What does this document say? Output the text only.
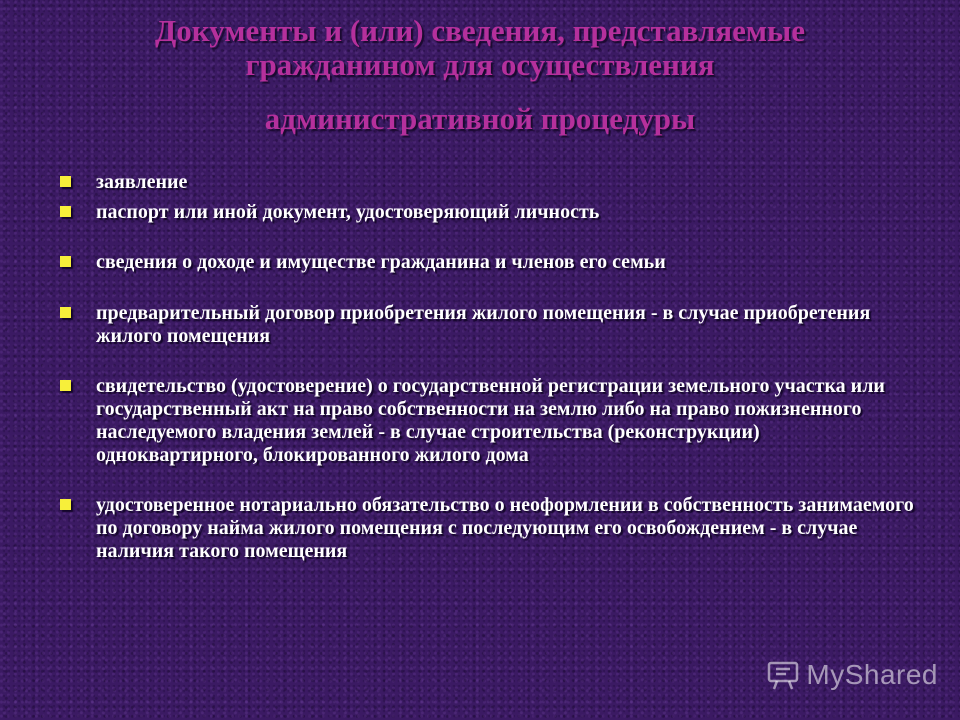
Документы и (или) сведения, представляемые
гражданином для осуществления

административной процедуры
заявление
паспорт или иной документ, удостоверяющий личность
сведения о доходе и имуществе гражданина и членов его семьи
предварительный договор приобретения жилого помещения - в случае приобретения жилого помещения
свидетельство (удостоверение) о государственной регистрации земельного участка или государственный акт на право собственности на землю либо на право пожизненного наследуемого владения землей - в случае строительства (реконструкции) одноквартирного, блокированного жилого дома
удостоверенное нотариально обязательство о неоформлении в собственность занимаемого по договору найма жилого помещения с последующим его освобождением - в случае наличия такого помещения
MyShared
